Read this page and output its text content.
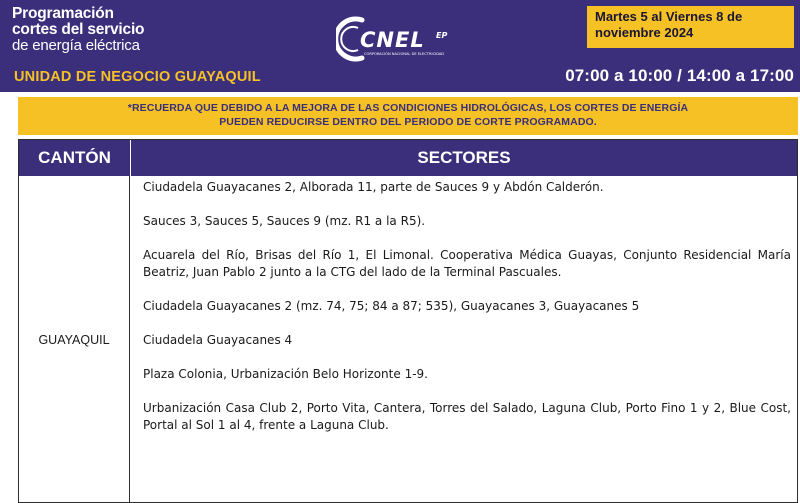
Programación
cortes del servicio
de energía eléctrica
UNIDAD DE NEGOCIO GUAYAQUIL
CNEL EP
CORPORACIÓN NACIONAL DE ELECTRICIDAD
Martes 5 al Viernes 8 de noviembre 2024
07:00 a 10:00 / 14:00 a 17:00
*RECUERDA QUE DEBIDO A LA MEJORA DE LAS CONDICIONES HIDROLÓGICAS, LOS CORTES DE ENERGÍA
PUEDEN REDUCIRSE DENTRO DEL PERIODO DE CORTE PROGRAMADO.
CANTÓN	SECTORES
GUAYAQUIL

Ciudadela Guayacanes 2, Alborada 11, parte de Sauces 9 y Abdón Calderón.

Sauces 3, Sauces 5, Sauces 9 (mz. R1 a la R5).

Acuarela del Río, Brisas del Río 1, El Limonal. Cooperativa Médica Guayas, Conjunto Residencial María Beatriz, Juan Pablo 2 junto a la CTG del lado de la Terminal Pascuales.

Ciudadela Guayacanes 2 (mz. 74, 75; 84 a 87; 535), Guayacanes 3, Guayacanes 5

Ciudadela Guayacanes 4

Plaza Colonia, Urbanización Belo Horizonte 1-9.

Urbanización Casa Club 2, Porto Vita, Cantera, Torres del Salado, Laguna Club, Porto Fino 1 y 2, Blue Cost, Portal al Sol 1 al 4, frente a Laguna Club.
